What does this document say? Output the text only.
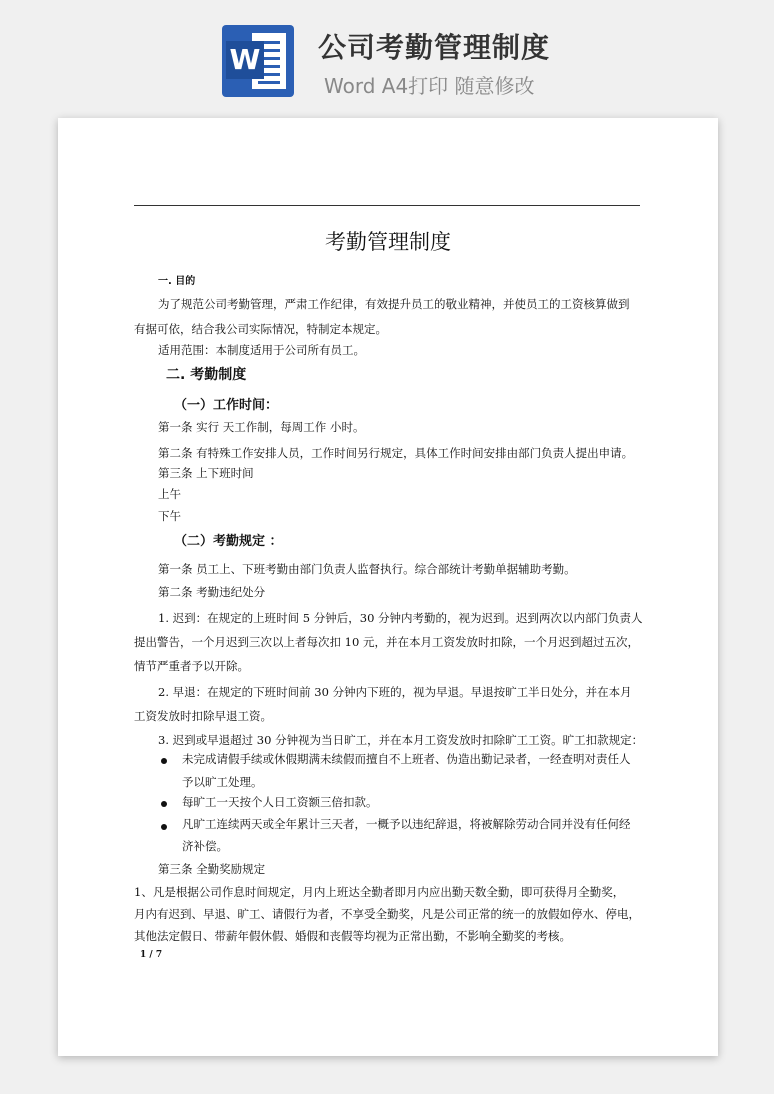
W 公司考勤管理制度
Word A4打印 随意修改
考勤管理制度
一. 目的
为了规范公司考勤管理，严肃工作纪律，有效提升员工的敬业精神，并使员工的工资核算做到
有据可依，结合我公司实际情况，特制定本规定。
适用范围：本制度适用于公司所有员工。
二. 考勤制度
（一）工作时间：
第一条 实行 天工作制，每周工作 小时。
第二条 有特殊工作安排人员，工作时间另行规定，具体工作时间安排由部门负责人提出申请。
第三条 上下班时间
上午
下午
（二）考勤规定 ：
第一条 员工上、下班考勤由部门负责人监督执行。综合部统计考勤单据辅助考勤。
第二条 考勤违纪处分
1. 迟到：在规定的上班时间 5 分钟后，30 分钟内考勤的，视为迟到。迟到两次以内部门负责人
提出警告，一个月迟到三次以上者每次扣 10 元，并在本月工资发放时扣除，一个月迟到超过五次，
情节严重者予以开除。
2. 早退：在规定的下班时间前 30 分钟内下班的，视为早退。早退按旷工半日处分，并在本月
工资发放时扣除早退工资。
3. 迟到或早退超过 30 分钟视为当日旷工，并在本月工资发放时扣除旷工工资。旷工扣款规定：
未完成请假手续或休假期满未续假而擅自不上班者、伪造出勤记录者，一经查明对责任人
予以旷工处理。
每旷工一天按个人日工资额三倍扣款。
凡旷工连续两天或全年累计三天者，一概予以违纪辞退，将被解除劳动合同并没有任何经
济补偿。
第三条 全勤奖励规定
1、凡是根据公司作息时间规定，月内上班达全勤者即月内应出勤天数全勤，即可获得月全勤奖，
月内有迟到、早退、旷工、请假行为者，不享受全勤奖，凡是公司正常的统一的放假如停水、停电，
其他法定假日、带薪年假休假、婚假和丧假等均视为正常出勤，不影响全勤奖的考核。
1 / 7
